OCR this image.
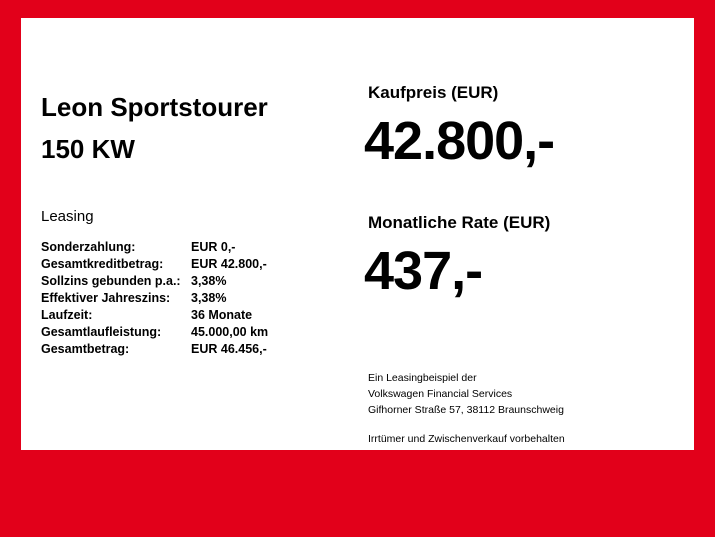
Leon Sportstourer
150 KW
Leasing
Sonderzahlung:	EUR 0,-
Gesamtkreditbetrag:	EUR 42.800,-
Sollzins gebunden p.a.:	3,38%
Effektiver Jahreszins:	3,38%
Laufzeit:	36 Monate
Gesamtlaufleistung:	45.000,00 km
Gesamtbetrag:	EUR 46.456,-
Kaufpreis (EUR)
42.800,-
Monatliche Rate (EUR)
437,-
Ein Leasingbeispiel der
Volkswagen Financial Services
Gifhorner Straße 57, 38112 Braunschweig
Irrtümer und Zwischenverkauf vorbehalten
